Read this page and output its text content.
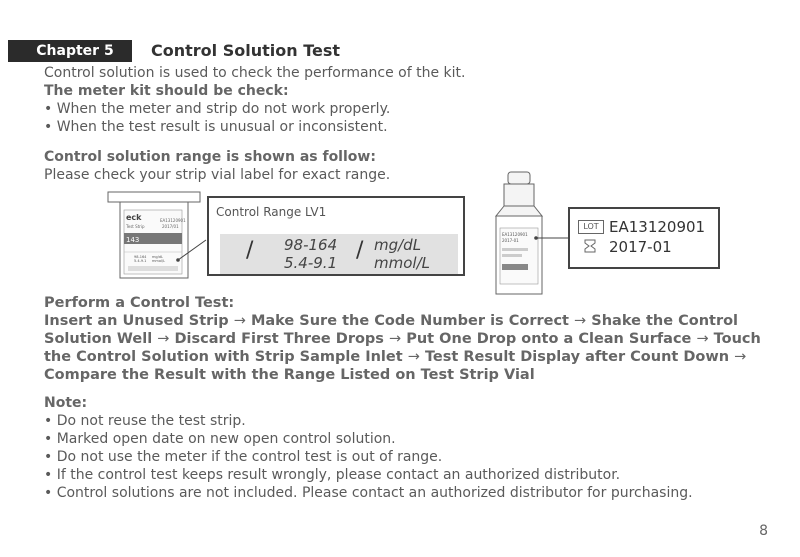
Chapter 5	Control Solution Test
Control solution is used to check the performance of the kit.
The meter kit should be check:
• When the meter and strip do not work properly.
• When the test result is unusual or inconsistent.
Control solution range is shown as follow:
Please check your strip vial label for exact range.
eck
Test Strip
EA13120901
2017/01
143
98-164
5.4-9.1
mg/dL
mmol/L
Control Range LV1
/ 98-164
5.4-9.1 / mg/dL
mmol/L
EA13120901
2017-01
LOT EA13120901
2017-01
Perform a Control Test:
Insert an Unused Strip → Make Sure the Code Number is Correct → Shake the Control Solution Well → Discard First Three Drops → Put One Drop onto a Clean Surface → Touch the Control Solution with Strip Sample Inlet → Test Result Display after Count Down → Compare the Result with the Range Listed on Test Strip Vial
Note:
• Do not reuse the test strip.
• Marked open date on new open control solution.
• Do not use the meter if the control test is out of range.
• If the control test keeps result wrongly, please contact an authorized distributor.
• Control solutions are not included. Please contact an authorized distributor for purchasing.
8
